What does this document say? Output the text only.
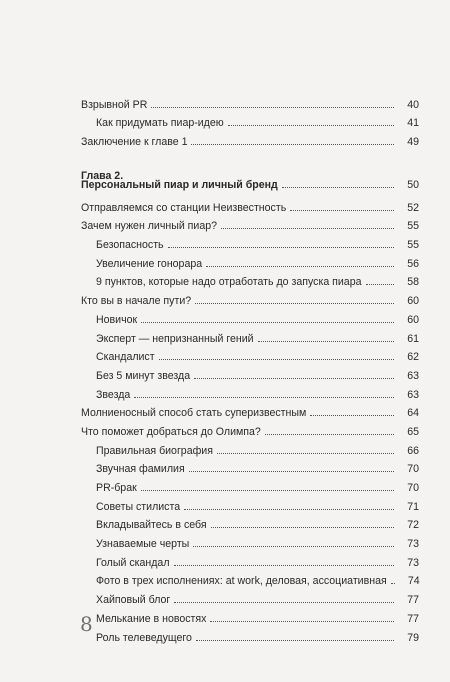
Взрывной PR	40
Как придумать пиар-идею	41
Заключение к главе 1	49
Глава 2.
Персональный пиар и личный бренд	50
Отправляемся со станции Неизвестность	52
Зачем нужен личный пиар?	55
Безопасность	55
Увеличение гонорара	56
9 пунктов, которые надо отработать до запуска пиара	58
Кто вы в начале пути?	60
Новичок	60
Эксперт — непризнанный гений	61
Скандалист	62
Без 5 минут звезда	63
Звезда	63
Молниеносный способ стать суперизвестным	64
Что поможет добраться до Олимпа?	65
Правильная биография	66
Звучная фамилия	70
PR-брак	70
Советы стилиста	71
Вкладывайтесь в себя	72
Узнаваемые черты	73
Голый скандал	73
Фото в трех исполнениях: at work, деловая, ассоциативная	74
Хайповый блог	77
Мелькание в новостях	77
Роль телеведущего	79
8
